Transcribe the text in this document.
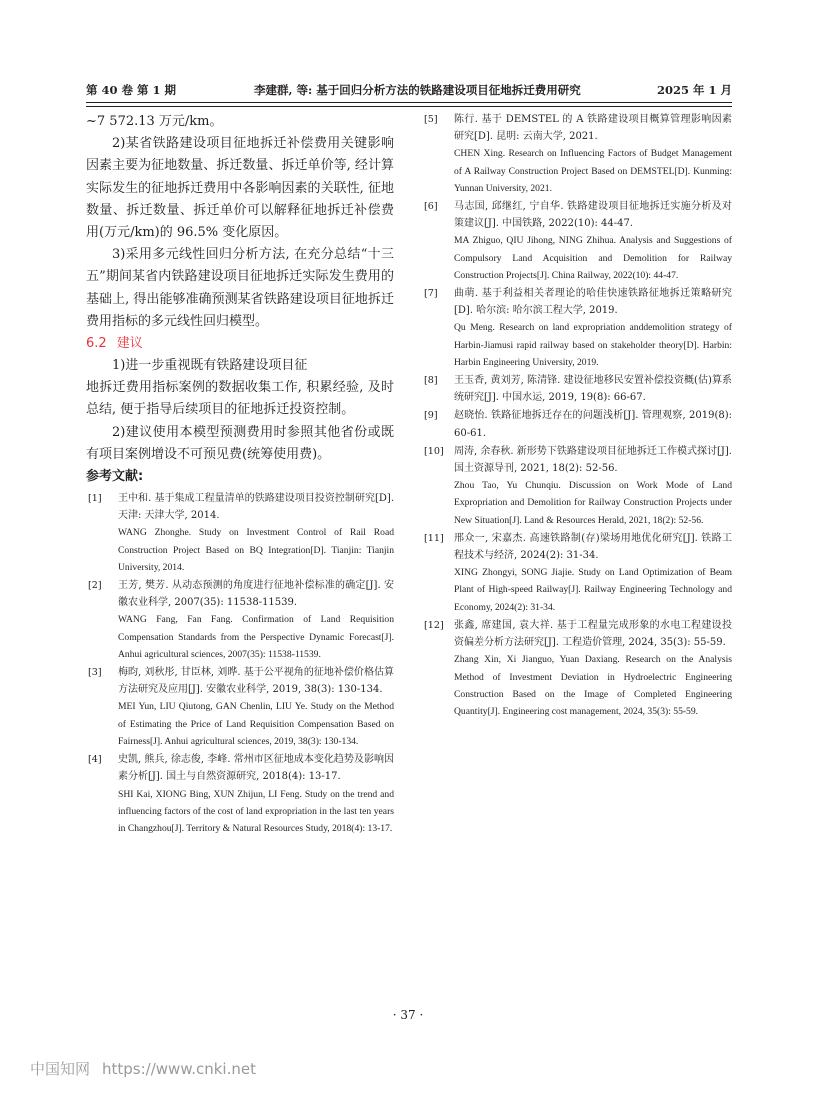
第 40 卷 第 1 期	李建群, 等: 基于回归分析方法的铁路建设项目征地拆迁费用研究	2025 年 1 月

~7 572.13 万元/km。

2)某省铁路建设项目征地拆迁补偿费用关键影响因素主要为征地数量、拆迁数量、拆迁单价等, 经计算实际发生的征地拆迁费用中各影响因素的关联性, 征地数量、拆迁数量、拆迁单价可以解释征地拆迁补偿费用(万元/km)的 96.5% 变化原因。

3)采用多元线性回归分析方法, 在充分总结“十三五”期间某省内铁路建设项目征地拆迁实际发生费用的基础上, 得出能够准确预测某省铁路建设项目征地拆迁费用指标的多元线性回归模型。

6.2 建议

1)进一步重视既有铁路建设项目征

地拆迁费用指标案例的数据收集工作, 积累经验, 及时总结, 便于指导后续项目的征地拆迁投资控制。

2)建议使用本模型预测费用时参照其他省份或既有项目案例增设不可预见费(统筹使用费)。

参考文献:

[1]	王中和. 基于集成工程量清单的铁路建设项目投资控制研究[D]. 天津: 天津大学, 2014.
WANG Zhonghe. Study on Investment Control of Rail Road Construction Project Based on BQ Integration[D]. Tianjin: Tianjin University, 2014.
[2]	王芳, 樊芳. 从动态预测的角度进行征地补偿标准的确定[J]. 安徽农业科学, 2007(35): 11538-11539.
WANG Fang, Fan Fang. Confirmation of Land Requisition Compensation Standards from the Perspective Dynamic Forecast[J]. Anhui agricultural sciences, 2007(35): 11538-11539.
[3]	梅昀, 刘秋彤, 甘臣林, 刘晔. 基于公平视角的征地补偿价格估算方法研究及应用[J]. 安徽农业科学, 2019, 38(3): 130-134.
MEI Yun, LIU Qiutong, GAN Chenlin, LIU Ye. Study on the Method of Estimating the Price of Land Requisition Compensation Based on Fairness[J]. Anhui agricultural sciences, 2019, 38(3): 130-134.
[4]	史凯, 熊兵, 徐志俊, 李峰. 常州市区征地成本变化趋势及影响因素分析[J]. 国土与自然资源研究, 2018(4): 13-17.
SHI Kai, XIONG Bing, XUN Zhijun, LI Feng. Study on the trend and influencing factors of the cost of land expropriation in the last ten years in Changzhou[J]. Territory & Natural Resources Study, 2018(4): 13-17.
[5]	陈行. 基于 DEMSTEL 的 A 铁路建设项目概算管理影响因素研究[D]. 昆明: 云南大学, 2021.
CHEN Xing. Research on Influencing Factors of Budget Management of A Railway Construction Project Based on DEMSTEL[D]. Kunming: Yunnan University, 2021.
[6]	马志国, 邱继红, 宁自华. 铁路建设项目征地拆迁实施分析及对策建议[J]. 中国铁路, 2022(10): 44-47.
MA Zhiguo, QIU Jihong, NING Zhihua. Analysis and Suggestions of Compulsory Land Acquisition and Demolition for Railway Construction Projects[J]. China Railway, 2022(10): 44-47.
[7]	曲萌. 基于利益相关者理论的哈佳快速铁路征地拆迁策略研究[D]. 哈尔滨: 哈尔滨工程大学, 2019.
Qu Meng. Research on land expropriation anddemolition strategy of Harbin-Jiamusi rapid railway based on stakeholder theory[D]. Harbin: Harbin Engineering University, 2019.
[8]	王玉香, 黄刘芳, 陈清锋. 建设征地移民安置补偿投资概(估)算系统研究[J]. 中国水运, 2019, 19(8): 66-67.
[9]	赵晓怡. 铁路征地拆迁存在的问题浅析[J]. 管理观察, 2019(8): 60-61.
[10]	周涛, 余春秋. 新形势下铁路建设项目征地拆迁工作模式探讨[J]. 国土资源导刊, 2021, 18(2): 52-56.
Zhou Tao, Yu Chunqiu. Discussion on Work Mode of Land Expropriation and Demolition for Railway Construction Projects under New Situation[J]. Land & Resources Herald, 2021, 18(2): 52-56.
[11]	邢众一, 宋嘉杰. 高速铁路制(存)梁场用地优化研究[J]. 铁路工程技术与经济, 2024(2): 31-34.
XING Zhongyi, SONG Jiajie. Study on Land Optimization of Beam Plant of High-speed Railway[J]. Railway Engineering Technology and Economy, 2024(2): 31-34.
[12]	张鑫, 席建国, 袁大祥. 基于工程量完成形象的水电工程建设投资偏差分析方法研究[J]. 工程造价管理, 2024, 35(3): 55-59.
Zhang Xin, Xi Jianguo, Yuan Daxiang. Research on the Analysis Method of Investment Deviation in Hydroelectric Engineering Construction Based on the Image of Completed Engineering Quantity[J]. Engineering cost management, 2024, 35(3): 55-59.
· 37 ·
中国知网 https://www.cnki.net
